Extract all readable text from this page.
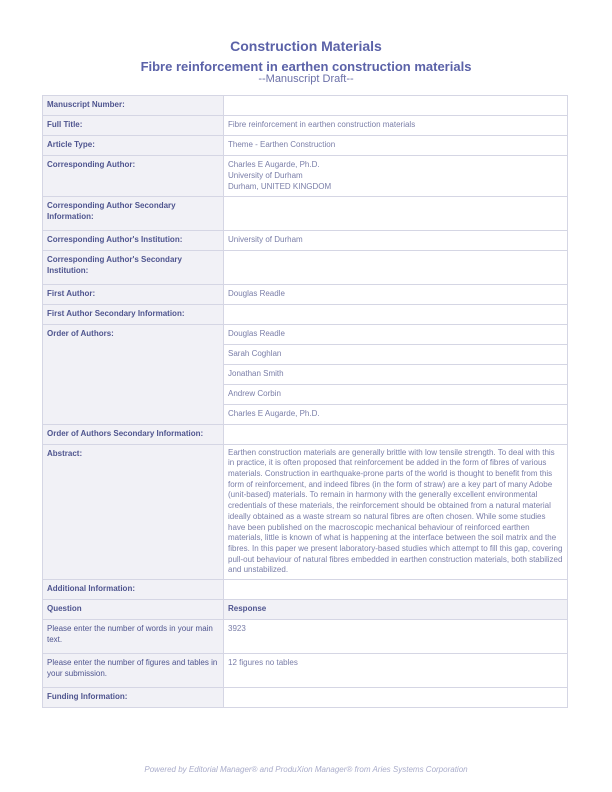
Construction Materials
Fibre reinforcement in earthen construction materials
--Manuscript Draft--
Manuscript Number:	
Full Title:	Fibre reinforcement in earthen construction materials
Article Type:	Theme - Earthen Construction
Corresponding Author:	Charles E Augarde, Ph.D.
University of Durham
Durham, UNITED KINGDOM

Corresponding Author Secondary Information:	
Corresponding Author's Institution:	University of Durham
Corresponding Author's Secondary Institution:	
First Author:	Douglas Readle
First Author Secondary Information:	
Order of Authors:	Douglas Readle
	Sarah Coghlan
	Jonathan Smith
	Andrew Corbin
	Charles E Augarde, Ph.D.
Order of Authors Secondary Information:	
Abstract:	Earthen construction materials are generally brittle with low tensile strength. To deal with this in practice, it is often proposed that reinforcement be added in the form of fibres of various materials. Construction in earthquake-prone parts of the world is thought to benefit from this form of reinforcement, and indeed fibres (in the form of straw) are a key part of many Adobe (unit-based) materials. To remain in harmony with the generally excellent environmental credentials of these materials, the reinforcement should be obtained from a natural material ideally obtained as a waste stream so natural fibres are often chosen. While some studies have been published on the macroscopic mechanical behaviour of reinforced earthen materials, little is known of what is happening at the interface between the soil matrix and the fibres. In this paper we present laboratory-based studies which attempt to fill this gap, covering pull-out behaviour of natural fibres embedded in earthen construction materials, both stabilized and unstabilized.
Additional Information:	
Question	Response
Please enter the number of words in your main text.	3923
Please enter the number of figures and tables in your submission.	12 figures no tables
Funding Information:	
Powered by Editorial Manager® and ProduXion Manager® from Aries Systems Corporation
